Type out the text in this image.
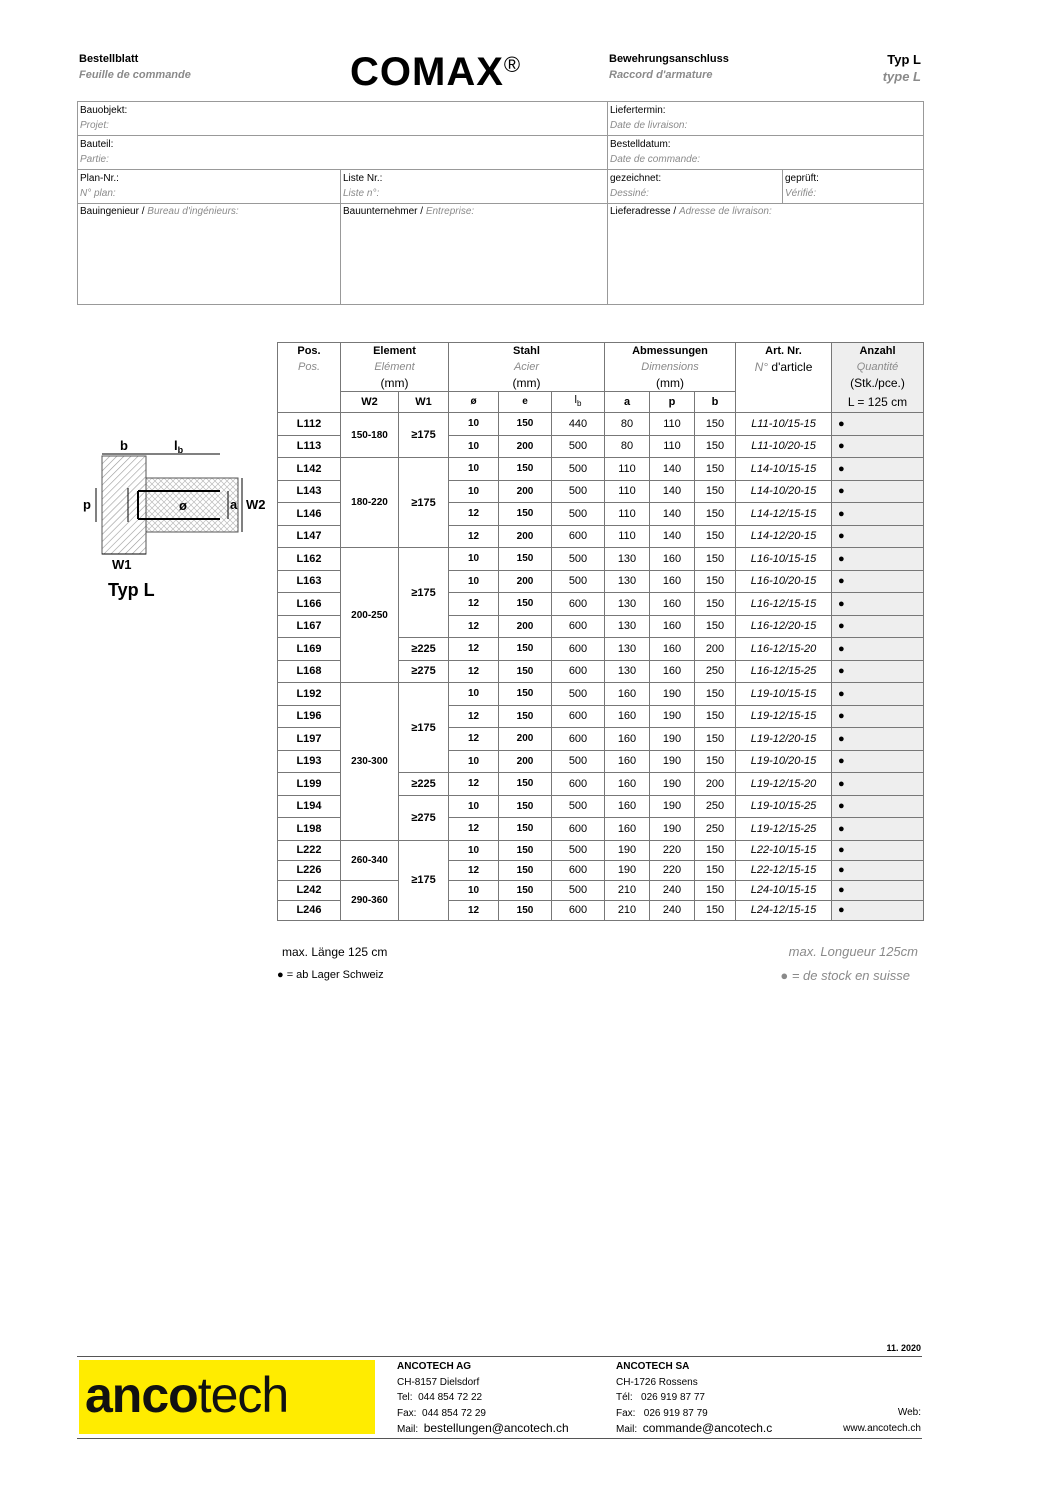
Bestellblatt
Feuille de commande	COMAX®	Bewehrungsanschluss
Raccord d'armature
Typ L
type L
Bauobjekt:
Projet:
Liefertermin:
Date de livraison:
Bauteil:
Partie:
Bestelldatum:
Date de commande:
Plan-Nr.:
N° plan:
Liste Nr.:
Liste n°:
gezeichnet:
Dessiné:
geprüft:
Vérifié:
Bauingenieur / Bureau d'ingénieurs:	Bauunternehmer / Entreprise:	Lieferadresse / Adresse de livraison:
b	$l_b$
p	ø	a W2
W1
Typ L
Pos.	Element		Stahl			Abmessungen			Art. Nr.	Anzahl
Pos.	Elément		Acier			Dimensions			N° d'article	Quantité
	(mm)		(mm)			(mm)				(Stk./pce.)
	W2	W1	ø	e	$l_b$	a	p	b		L = 125 cm
L112	150-180	≥175	10	150	440	80	110	150	L11-10/15-15	●
L113			10	200	500	80	110	150	L11-10/20-15	●
L142	180-220	≥175	10	150	500	110	140	150	L14-10/15-15	●
L143			10	200	500	110	140	150	L14-10/20-15	●
L146			12	150	500	110	140	150	L14-12/15-15	●
L147			12	200	600	110	140	150	L14-12/20-15	●
L162	200-250	≥175	10	150	500	130	160	150	L16-10/15-15	●
L163			10	200	500	130	160	150	L16-10/20-15	●
L166			12	150	600	130	160	150	L16-12/15-15	●
L167			12	200	600	130	160	150	L16-12/20-15	●
L169		≥225	12	150	600	130	160	200	L16-12/15-20	●
L168		≥275	12	150	600	130	160	250	L16-12/15-25	●
L192	230-300	≥175	10	150	500	160	190	150	L19-10/15-15	●
L196			12	150	600	160	190	150	L19-12/15-15	●
L197			12	200	600	160	190	150	L19-12/20-15	●
L193			10	200	500	160	190	150	L19-10/20-15	●
L199		≥225	12	150	600	160	190	200	L19-12/15-20	●
L194		≥275	10	150	500	160	190	250	L19-10/15-25	●
L198			12	150	600	160	190	250	L19-12/15-25	●
L222	260-340	≥175	10	150	500	190	220	150	L22-10/15-15	●
L226			12	150	600	190	220	150	L22-12/15-15	●
L242	290-360		10	150	500	210	240	150	L24-10/15-15	●
L246			12	150	600	210	240	150	L24-12/15-15	●
max. Länge 125 cm	max. Longueur 125cm
● = ab Lager Schweiz	● = de stock en suisse
11. 2020
ancotech
ANCOTECH AG
CH-8157 Dielsdorf
Tel: 044 854 72 22
Fax: 044 854 72 29
Mail: bestellungen@ancotech.ch
ANCOTECH SA
CH-1726 Rossens
Tél: 026 919 87 77
Fax: 026 919 87 79
Mail: commande@ancotech.c
Web:
www.ancotech.ch
